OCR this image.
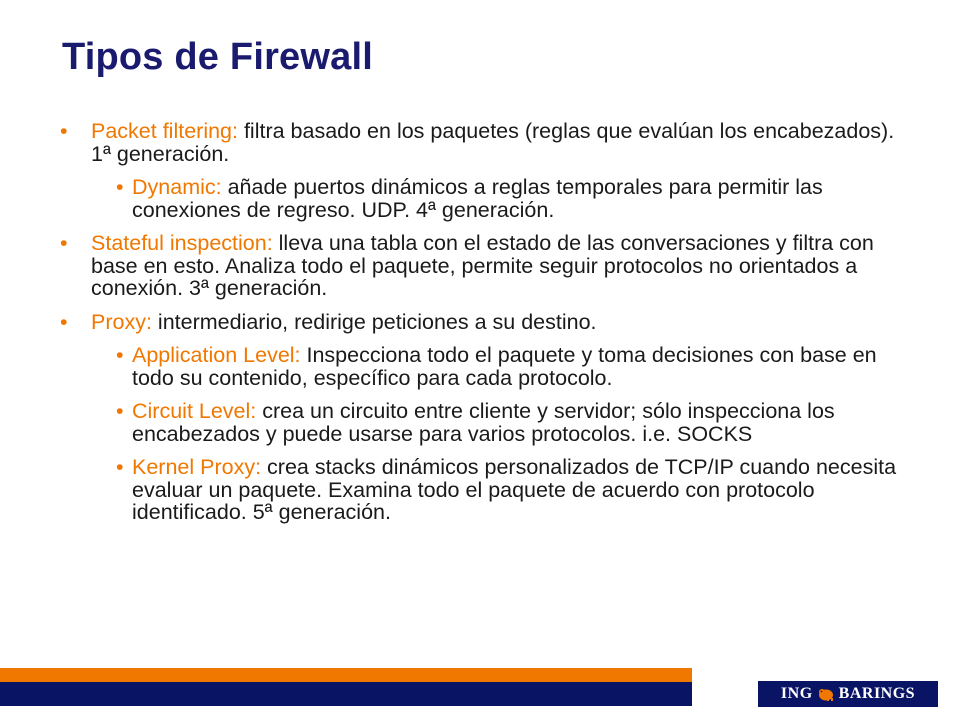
Tipos de Firewall
• Packet filtering: filtra basado en los paquetes (reglas que evalúan los encabezados). 1ª generación.
• Dynamic: añade puertos dinámicos a reglas temporales para permitir las conexiones de regreso. UDP. 4ª generación.
• Stateful inspection: lleva una tabla con el estado de las conversaciones y filtra con base en esto. Analiza todo el paquete, permite seguir protocolos no orientados a conexión. 3ª generación.
• Proxy: intermediario, redirige peticiones a su destino.
• Application Level: Inspecciona todo el paquete y toma decisiones con base en todo su contenido, específico para cada protocolo.
• Circuit Level: crea un circuito entre cliente y servidor; sólo inspecciona los encabezados y puede usarse para varios protocolos. i.e. SOCKS
• Kernel Proxy: crea stacks dinámicos personalizados de TCP/IP cuando necesita evaluar un paquete. Examina todo el paquete de acuerdo con protocolo identificado. 5ª generación.
ING BARINGS
